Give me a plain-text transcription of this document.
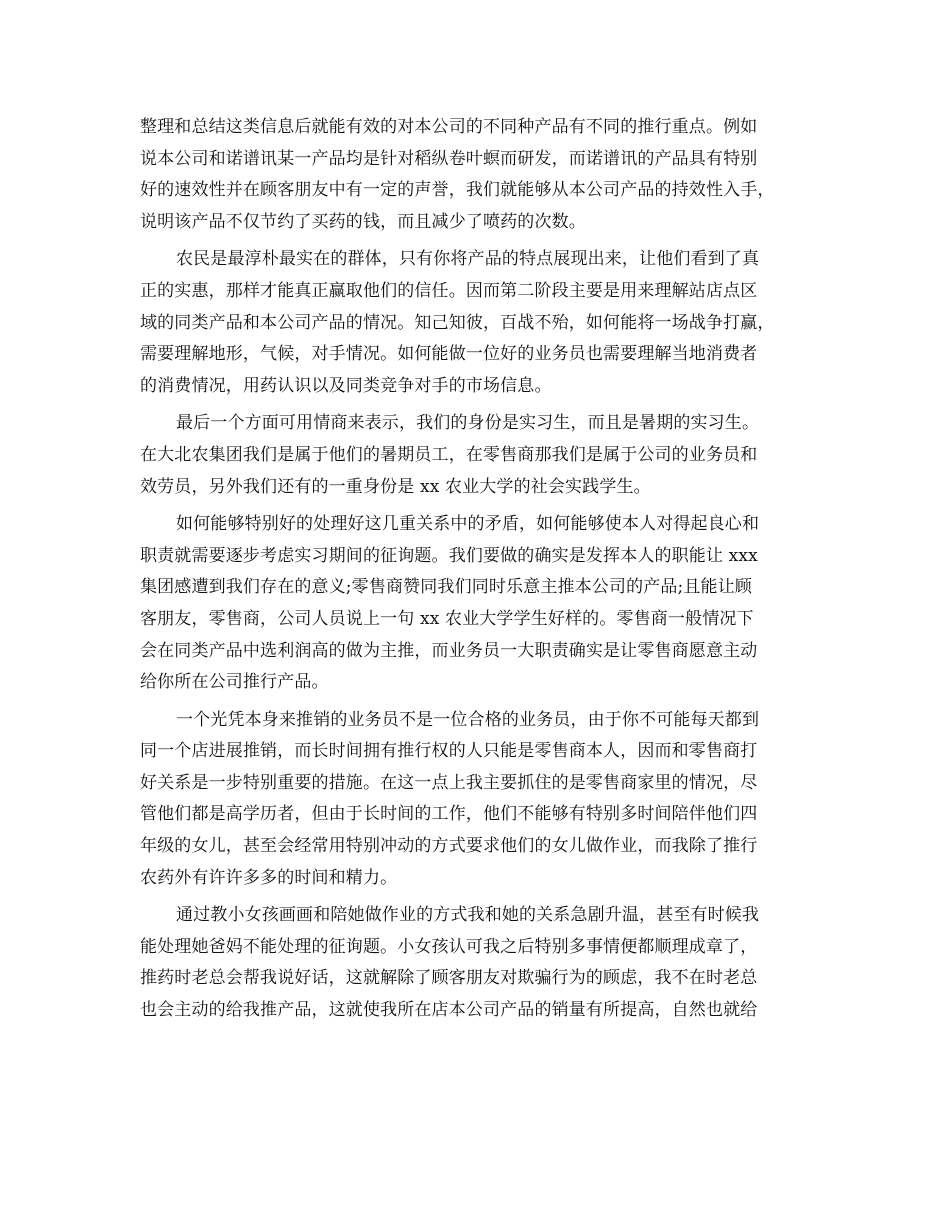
整理和总结这类信息后就能有效的对本公司的不同种产品有不同的推行重点。例如
说本公司和诺谱讯某一产品均是针对稻纵卷叶螟而研发，而诺谱讯的产品具有特别
好的速效性并在顾客朋友中有一定的声誉，我们就能够从本公司产品的持效性入手，
说明该产品不仅节约了买药的钱，而且减少了喷药的次数。

农民是最淳朴最实在的群体，只有你将产品的特点展现出来，让他们看到了真
正的实惠，那样才能真正赢取他们的信任。因而第二阶段主要是用来理解站店点区
域的同类产品和本公司产品的情况。知己知彼，百战不殆，如何能将一场战争打赢，
需要理解地形，气候，对手情况。如何能做一位好的业务员也需要理解当地消费者
的消费情况，用药认识以及同类竞争对手的市场信息。

最后一个方面可用情商来表示，我们的身份是实习生，而且是暑期的实习生。
在大北农集团我们是属于他们的暑期员工，在零售商那我们是属于公司的业务员和
效劳员，另外我们还有的一重身份是 xx 农业大学的社会实践学生。

如何能够特别好的处理好这几重关系中的矛盾，如何能够使本人对得起良心和
职责就需要逐步考虑实习期间的征询题。我们要做的确实是发挥本人的职能让 xxx
集团感遭到我们存在的意义;零售商赞同我们同时乐意主推本公司的产品;且能让顾
客朋友，零售商，公司人员说上一句 xx 农业大学学生好样的。零售商一般情况下
会在同类产品中选利润高的做为主推，而业务员一大职责确实是让零售商愿意主动
给你所在公司推行产品。

一个光凭本身来推销的业务员不是一位合格的业务员，由于你不可能每天都到
同一个店进展推销，而长时间拥有推行权的人只能是零售商本人，因而和零售商打
好关系是一步特别重要的措施。在这一点上我主要抓住的是零售商家里的情况，尽
管他们都是高学历者，但由于长时间的工作，他们不能够有特别多时间陪伴他们四
年级的女儿，甚至会经常用特别冲动的方式要求他们的女儿做作业，而我除了推行
农药外有许许多多的时间和精力。

通过教小女孩画画和陪她做作业的方式我和她的关系急剧升温，甚至有时候我
能处理她爸妈不能处理的征询题。小女孩认可我之后特别多事情便都顺理成章了，
推药时老总会帮我说好话，这就解除了顾客朋友对欺骗行为的顾虑，我不在时老总
也会主动的给我推产品，这就使我所在店本公司产品的销量有所提高，自然也就给
